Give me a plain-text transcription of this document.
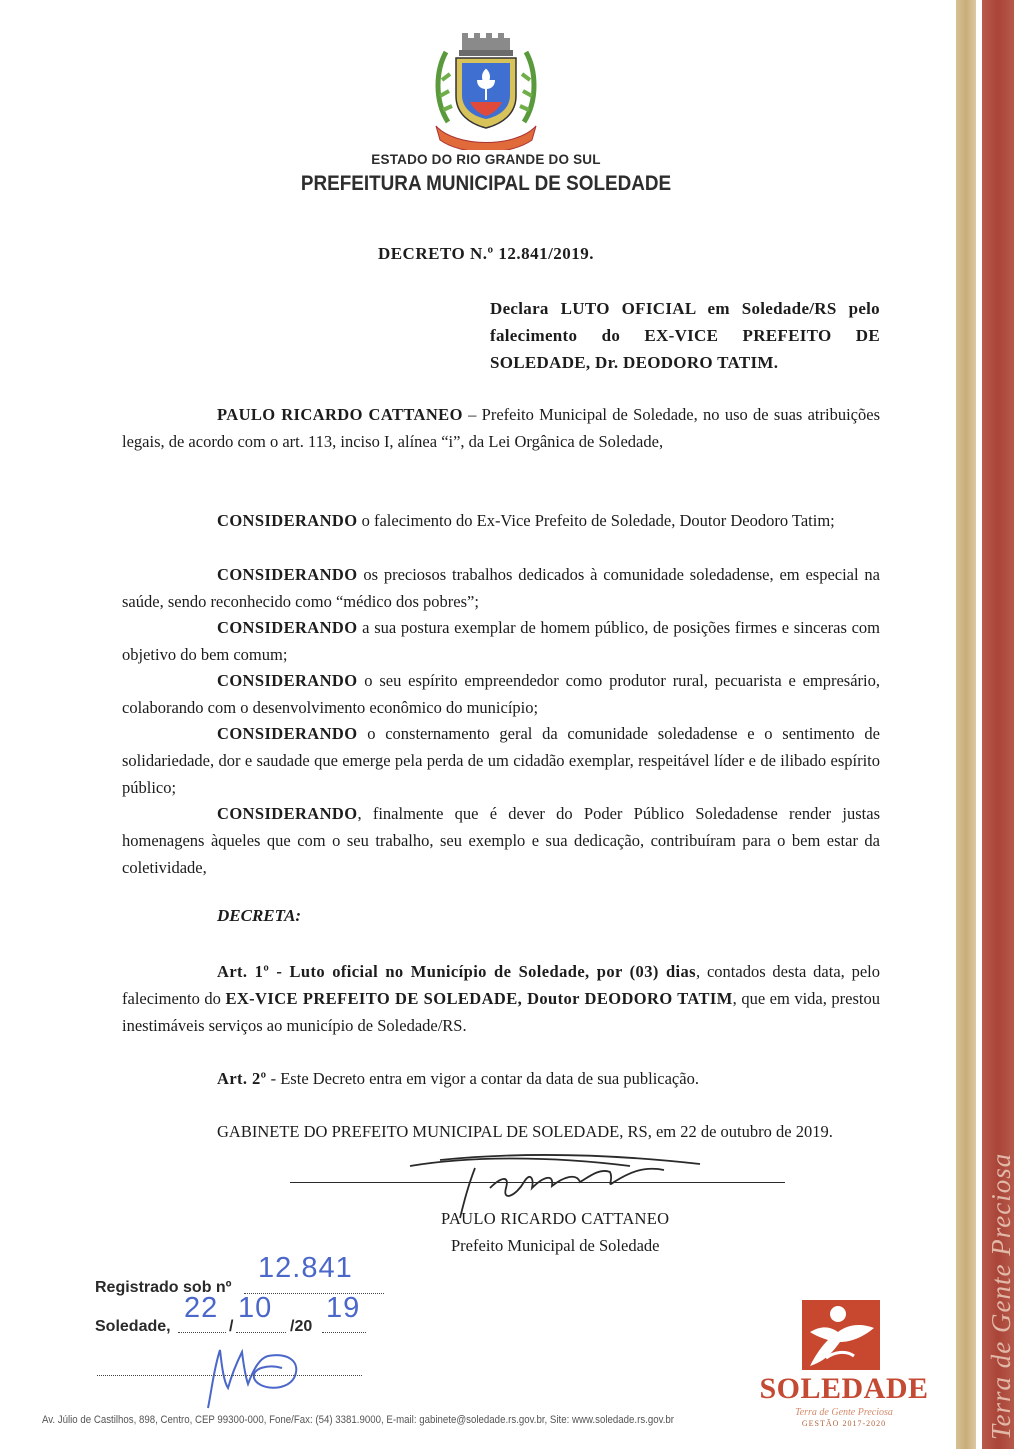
Terra de Gente Preciosa
SOLEDADE
ESTADO DO RIO GRANDE DO SUL
PREFEITURA MUNICIPAL DE SOLEDADE
DECRETO N.º 12.841/2019.
Declara LUTO OFICIAL em Soledade/RS pelo falecimento do EX-VICE PREFEITO DE SOLEDADE, Dr. DEODORO TATIM.

PAULO RICARDO CATTANEO – Prefeito Municipal de Soledade, no uso de suas atribuições legais, de acordo com o art. 113, inciso I, alínea “i”, da Lei Orgânica de Soledade,

CONSIDERANDO o falecimento do Ex-Vice Prefeito de Soledade, Doutor Deodoro Tatim;

CONSIDERANDO os preciosos trabalhos dedicados à comunidade soledadense, em especial na saúde, sendo reconhecido como “médico dos pobres”;

CONSIDERANDO a sua postura exemplar de homem público, de posições firmes e sinceras com objetivo do bem comum;

CONSIDERANDO o seu espírito empreendedor como produtor rural, pecuarista e empresário, colaborando com o desenvolvimento econômico do município;

CONSIDERANDO o consternamento geral da comunidade soledadense e o sentimento de solidariedade, dor e saudade que emerge pela perda de um cidadão exemplar, respeitável líder e de ilibado espírito público;

CONSIDERANDO, finalmente que é dever do Poder Público Soledadense render justas homenagens àqueles que com o seu trabalho, seu exemplo e sua dedicação, contribuíram para o bem estar da coletividade,

DECRETA:

Art. 1º - Luto oficial no Município de Soledade, por (03) dias, contados desta data, pelo falecimento do EX-VICE PREFEITO DE SOLEDADE, Doutor DEODORO TATIM, que em vida, prestou inestimáveis serviços ao município de Soledade/RS.

Art. 2º - Este Decreto entra em vigor a contar da data de sua publicação.

GABINETE DO PREFEITO MUNICIPAL DE SOLEDADE, RS, em 22 de outubro de 2019.

PAULO RICARDO CATTANEO
Prefeito Municipal de Soledade
Registrado sob nº
12.841
Soledade,
22
/
10
/20
19
SOLEDADE
Terra de Gente Preciosa
GESTÃO 2017-2020
Av. Júlio de Castilhos, 898, Centro, CEP 99300-000, Fone/Fax: (54) 3381.9000, E-mail: gabinete@soledade.rs.gov.br, Site: www.soledade.rs.gov.br
